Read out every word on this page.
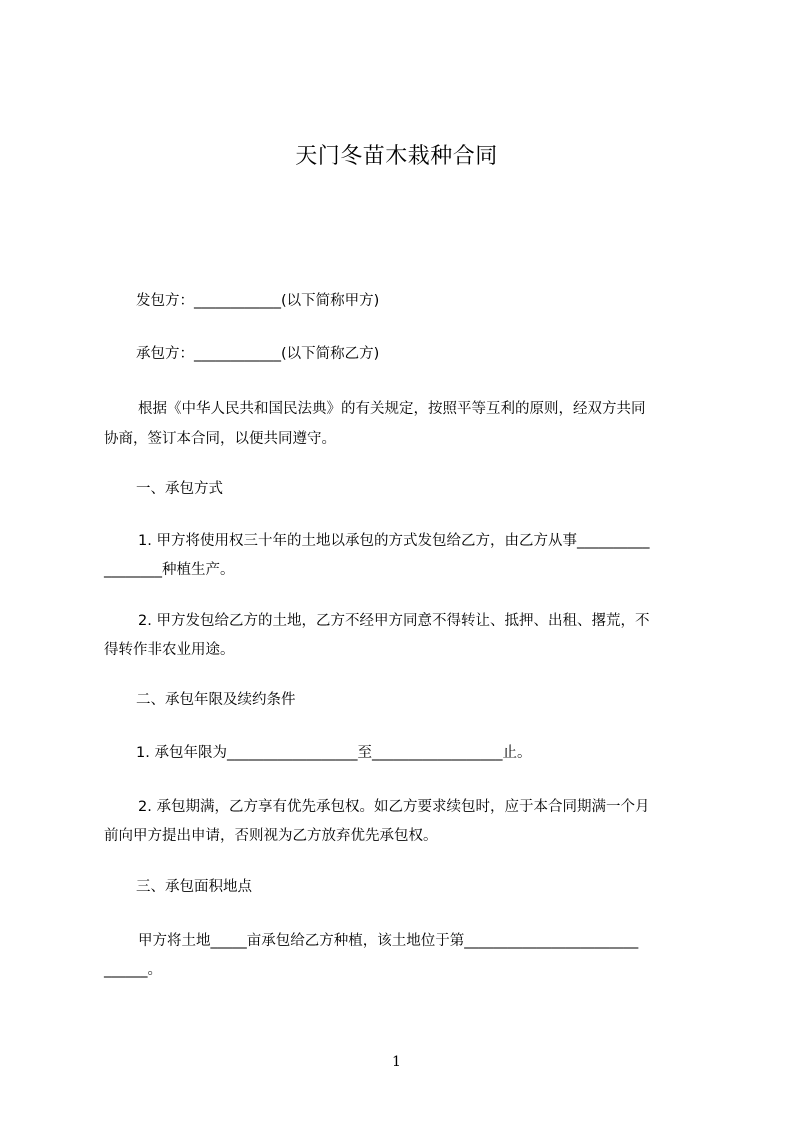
天门冬苗木栽种合同
发包方：____________(以下简称甲方)
承包方：____________(以下简称乙方)
根据《中华人民共和国民法典》的有关规定，按照平等互利的原则，经双方共同
协商，签订本合同，以便共同遵守。
一、承包方式
1. 甲方将使用权三十年的土地以承包的方式发包给乙方，由乙方从事__________
________种植生产。
2. 甲方发包给乙方的土地，乙方不经甲方同意不得转让、抵押、出租、撂荒，不
得转作非农业用途。
二、承包年限及续约条件
1. 承包年限为__________________至__________________止。
2. 承包期满，乙方享有优先承包权。如乙方要求续包时，应于本合同期满一个月
前向甲方提出申请，否则视为乙方放弃优先承包权。
三、承包面积地点
甲方将土地_____亩承包给乙方种植，该土地位于第________________________
______。
1
